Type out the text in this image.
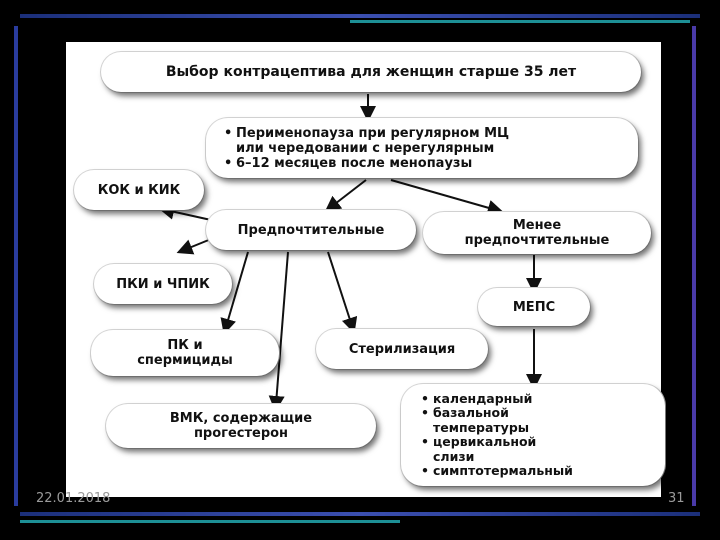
Выбор контрацептива для женщин старше 35 лет
• Перименопауза при регулярном МЦ
или чередовании с нерегулярным
• 6–12 месяцев после менопаузы
КОК и КИК
Предпочтительные	Менее
предпочтительные
ПКИ и ЧПИК
МЕПС
ПК и
спермициды
Стерилизация
ВМК, содержащие
прогестерон
• календарный
• базальной
температуры
• цервикальной
слизи
• симптотермальный
22.01.2018	31
